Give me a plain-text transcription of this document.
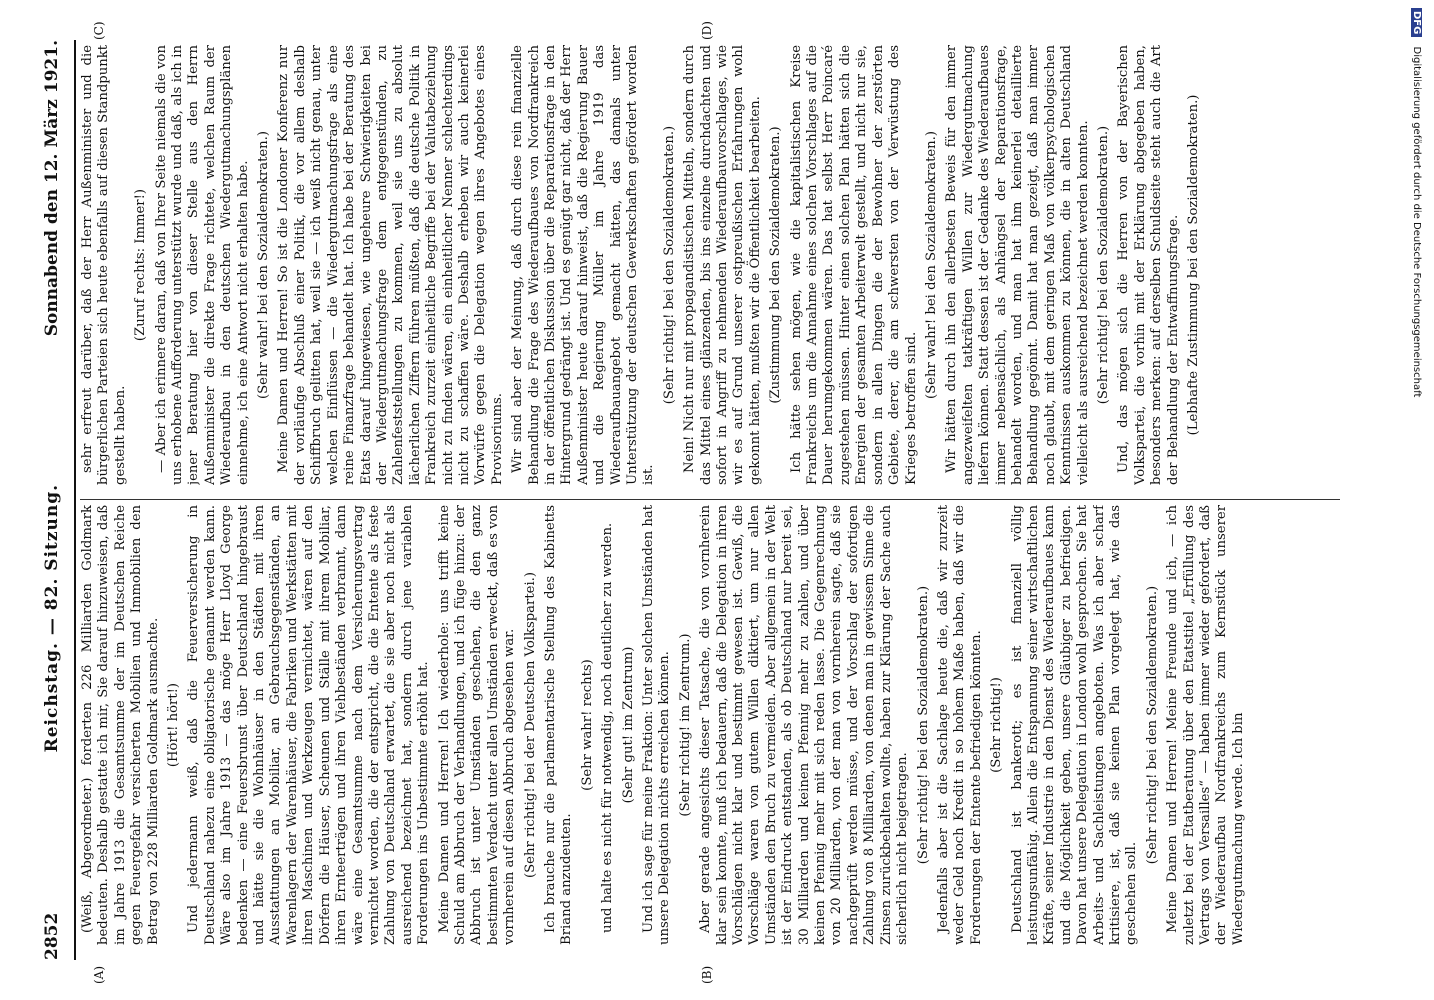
2852
Reichstag. — 82. Sitzung.
Sonnabend den 12. März 1921.
(A)	(B)
(C)	(D)

(Weiß, Abgeordneter.) forderten 226 Milliarden Goldmark bedeuten. Deshalb gestatte ich mir, Sie darauf hinzuweisen, daß im Jahre 1913 die Gesamtsumme der im Deutschen Reiche gegen Feuergefahr versicherten Mobilien und Immobilien den Betrag von 228 Milliarden Goldmark ausmachte. (Hört! hört!) Und jedermann weiß, daß die Feuerversicherung in Deutschland nahezu eine obligatorische genannt werden kann. Wäre also im Jahre 1913 — das möge Herr Lloyd George bedenken — eine Feuersbrunst über Deutschland hingebraust und hätte sie die Wohnhäuser in den Städten mit ihren Ausstattungen an Mobiliar, an Gebrauchsgegenständen, an Warenlagern der Warenhäuser, die Fabriken und Werkstätten mit ihren Maschinen und Werkzeugen vernichtet, wären auf den Dörfern die Häuser, Scheunen und Ställe mit ihrem Mobiliar, ihren Ernteerträgen und ihren Viehbeständen verbrannt, dann wäre eine Gesamtsumme nach dem Versicherungsvertrag vernichtet worden, die der entspricht, die die Entente als feste Zahlung von Deutschland erwartet, die sie aber noch nicht als ausreichend bezeichnet hat, sondern durch jene variablen Forderungen ins Unbestimmte erhöht hat. Meine Damen und Herren! Ich wiederhole: uns trifft keine Schuld am Abbruch der Verhandlungen, und ich füge hinzu: der Abbruch ist unter Umständen geschehen, die den ganz bestimmten Verdacht unter allen Umständen erweckt, daß es von vornherein auf diesen Abbruch abgesehen war. (Sehr richtig! bei der Deutschen Volkspartei.) Ich brauche nur die parlamentarische Stellung des Kabinetts Briand anzudeuten.

(Sehr wahr! rechts) und halte es nicht für notwendig, noch deutlicher zu werden. (Sehr gut! im Zentrum) Und ich sage für meine Fraktion: Unter solchen Umständen hat unsere Delegation nichts erreichen können. (Sehr richtig! im Zentrum.) Aber gerade angesichts dieser Tatsache, die von vornherein klar sein konnte, muß ich bedauern, daß die Delegation in ihren Vorschlägen nicht klar und bestimmt gewesen ist. Gewiß, die Vorschläge waren von gutem Willen diktiert, um nur allen Umständen den Bruch zu vermeiden. Aber allgemein in der Welt ist der Eindruck entstanden, als ob Deutschland nur bereit sei, 30 Milliarden und keinen Pfennig mehr zu zahlen, und über keinen Pfennig mehr mit sich reden lasse. Die Gegenrechnung von 20 Milliarden, von der man von vornherein sagte, daß sie nachgeprüft werden müsse, und der Vorschlag der sofortigen Zahlung von 8 Milliarden, von denen man in gewissem Sinne die Zinsen zurückbehalten wollte, haben zur Klärung der Sache auch sicherlich nicht beigetragen. (Sehr richtig! bei den Sozialdemokraten.) Jedenfalls aber ist die Sachlage heute die, daß wir zurzeit weder Geld noch Kredit in so hohem Maße haben, daß wir die Forderungen der Entente befriedigen könnten. (Sehr richtig!) Deutschland ist bankerott; es ist finanziell völlig leistungsunfähig. Allein die Entspannung seiner wirtschaftlichen Kräfte, seiner Industrie in den Dienst des Wiederaufbaues kann und die Möglichkeit geben, unsere Gläubiger zu befriedigen. Davon hat unsere Delegation in London wohl gesprochen. Sie hat Arbeits- und Sachleistungen angeboten. Was ich aber scharf kritisiere, ist, daß sie keinen Plan vorgelegt hat, wie das geschehen soll.

(Sehr richtig! bei den Sozialdemokraten.) Meine Damen und Herren! Meine Freunde und ich, — ich zuletzt bei der Etatberatung über den Etatstitel „Erfüllung des Vertrags von Versailles“ — haben immer wieder gefordert, daß der Wiederaufbau Nordfrankreichs zum Kernstück unserer Wiedergutmachung werde. Ich bin

sehr erfreut darüber, daß der Herr Außenminister und die bürgerlichen Parteien sich heute ebenfalls auf diesen Standpunkt gestellt haben.

(Zuruf rechts: Immer!) — Aber ich erinnere daran, daß von Ihrer Seite niemals die von uns erhobene Aufforderung unterstützt wurde und daß, als ich in jener Beratung hier von dieser Stelle aus den Herrn Außenminister die direkte Frage richtete, welchen Raum der Wiederaufbau in den deutschen Wiedergutmachungsplänen einnehme, ich eine Antwort nicht erhalten habe. (Sehr wahr! bei den Sozialdemokraten.) Meine Damen und Herren! So ist die Londoner Konferenz nur der vorläufige Abschluß einer Politik, die vor allem deshalb Schiffbruch gelitten hat, weil sie — ich weiß nicht genau, unter welchen Einflüssen — die Wiedergutmachungsfrage als eine reine Finanzfrage behandelt hat. Ich habe bei der Beratung des Etats darauf hingewiesen, wie ungeheure Schwierigkeiten bei der Wiedergutmachungsfrage dem entgegenstünden, zu Zahlenfeststellungen zu kommen, weil sie uns zu absolut lächerlichen Ziffern führen müßten, daß die deutsche Politik in Frankreich zurzeit einheitliche Begriffe bei der Valutabeziehung nicht zu finden wären, ein einheitlicher Nenner schlechterdings nicht zu schaffen wäre. Deshalb erheben wir auch keinerlei Vorwürfe gegen die Delegation wegen ihres Angebotes eines Provisoriums. Wir sind aber der Meinung, daß durch diese rein finanzielle Behandlung die Frage des Wiederaufbaues von Nordfrankreich in der öffentlichen Diskussion über die Reparationsfrage in den Hintergrund gedrängt ist. Und es genügt gar nicht, daß der Herr Außenminister heute darauf hinweist, daß die Regierung Bauer und die Regierung Müller im Jahre 1919 das Wiederaufbauangebot gemacht hätten, das damals unter Unterstützung der deutschen Gewerkschaften gefördert worden ist.

(Sehr richtig! bei den Sozialdemokraten.) Nein! Nicht nur mit propagandistischen Mitteln, sondern durch das Mittel eines glänzenden, bis ins einzelne durchdachten und sofort in Angriff zu nehmenden Wiederaufbauvorschlages, wie wir es auf Grund unserer ostpreußischen Erfahrungen wohl gekonnt hätten, mußten wir die Öffentlichkeit bearbeiten. (Zustimmung bei den Sozialdemokraten.) Ich hätte sehen mögen, wie die kapitalistischen Kreise Frankreichs um die Annahme eines solchen Vorschlages auf die Dauer herumgekommen wären. Das hat selbst Herr Poincaré zugestehen müssen. Hinter einen solchen Plan hätten sich die Energien der gesamten Arbeiterwelt gestellt, und nicht nur sie, sondern in allen Dingen die der Bewohner der zerstörten Gebiete, derer, die am schwersten von der Verwüstung des Krieges betroffen sind.

(Sehr wahr! bei den Sozialdemokraten.) Wir hätten durch ihn den allerbesten Beweis für den immer angezweifelten tatkräftigen Willen zur Wiedergutmachung liefern können. Statt dessen ist der Gedanke des Wiederaufbaues immer nebensächlich, als Anhängsel der Reparationsfrage, behandelt worden, und man hat ihm keinerlei detaillierte Behandlung gegönnt. Damit hat man gezeigt, daß man immer noch glaubt, mit dem geringen Maß von völkerpsychologischen Kenntnissen auskommen zu können, die in alten Deutschland vielleicht als ausreichend bezeichnet werden konnten. (Sehr richtig! bei den Sozialdemokraten.) Und, das mögen sich die Herren von der Bayerischen Volkspartei, die vorhin mit der Erklärung abgegeben haben, besonders merken: auf derselben Schuldseite steht auch die Art der Behandlung der Entwaffnungsfrage. (Lebhafte Zustimmung bei den Sozialdemokraten.)

DFG Digitalisierung gefördert durch die Deutsche Forschungsgemeinschaft
